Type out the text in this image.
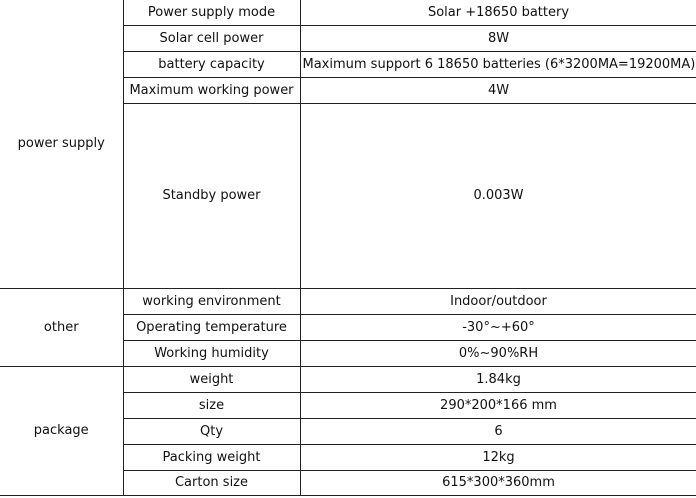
power supply	Power supply mode	Solar +18650 battery
	Solar cell power	8W
	battery capacity	Maximum support 6 18650 batteries (6*3200MA=19200MA)
	Maximum working power	4W
	Standby power	0.003W
other	working environment	Indoor/outdoor
	Operating temperature	-30°~+60°
	Working humidity	0%~90%RH
package	weight	1.84kg
	size	290*200*166 mm
	Qty	6
	Packing weight	12kg
	Carton size	615*300*360mm
